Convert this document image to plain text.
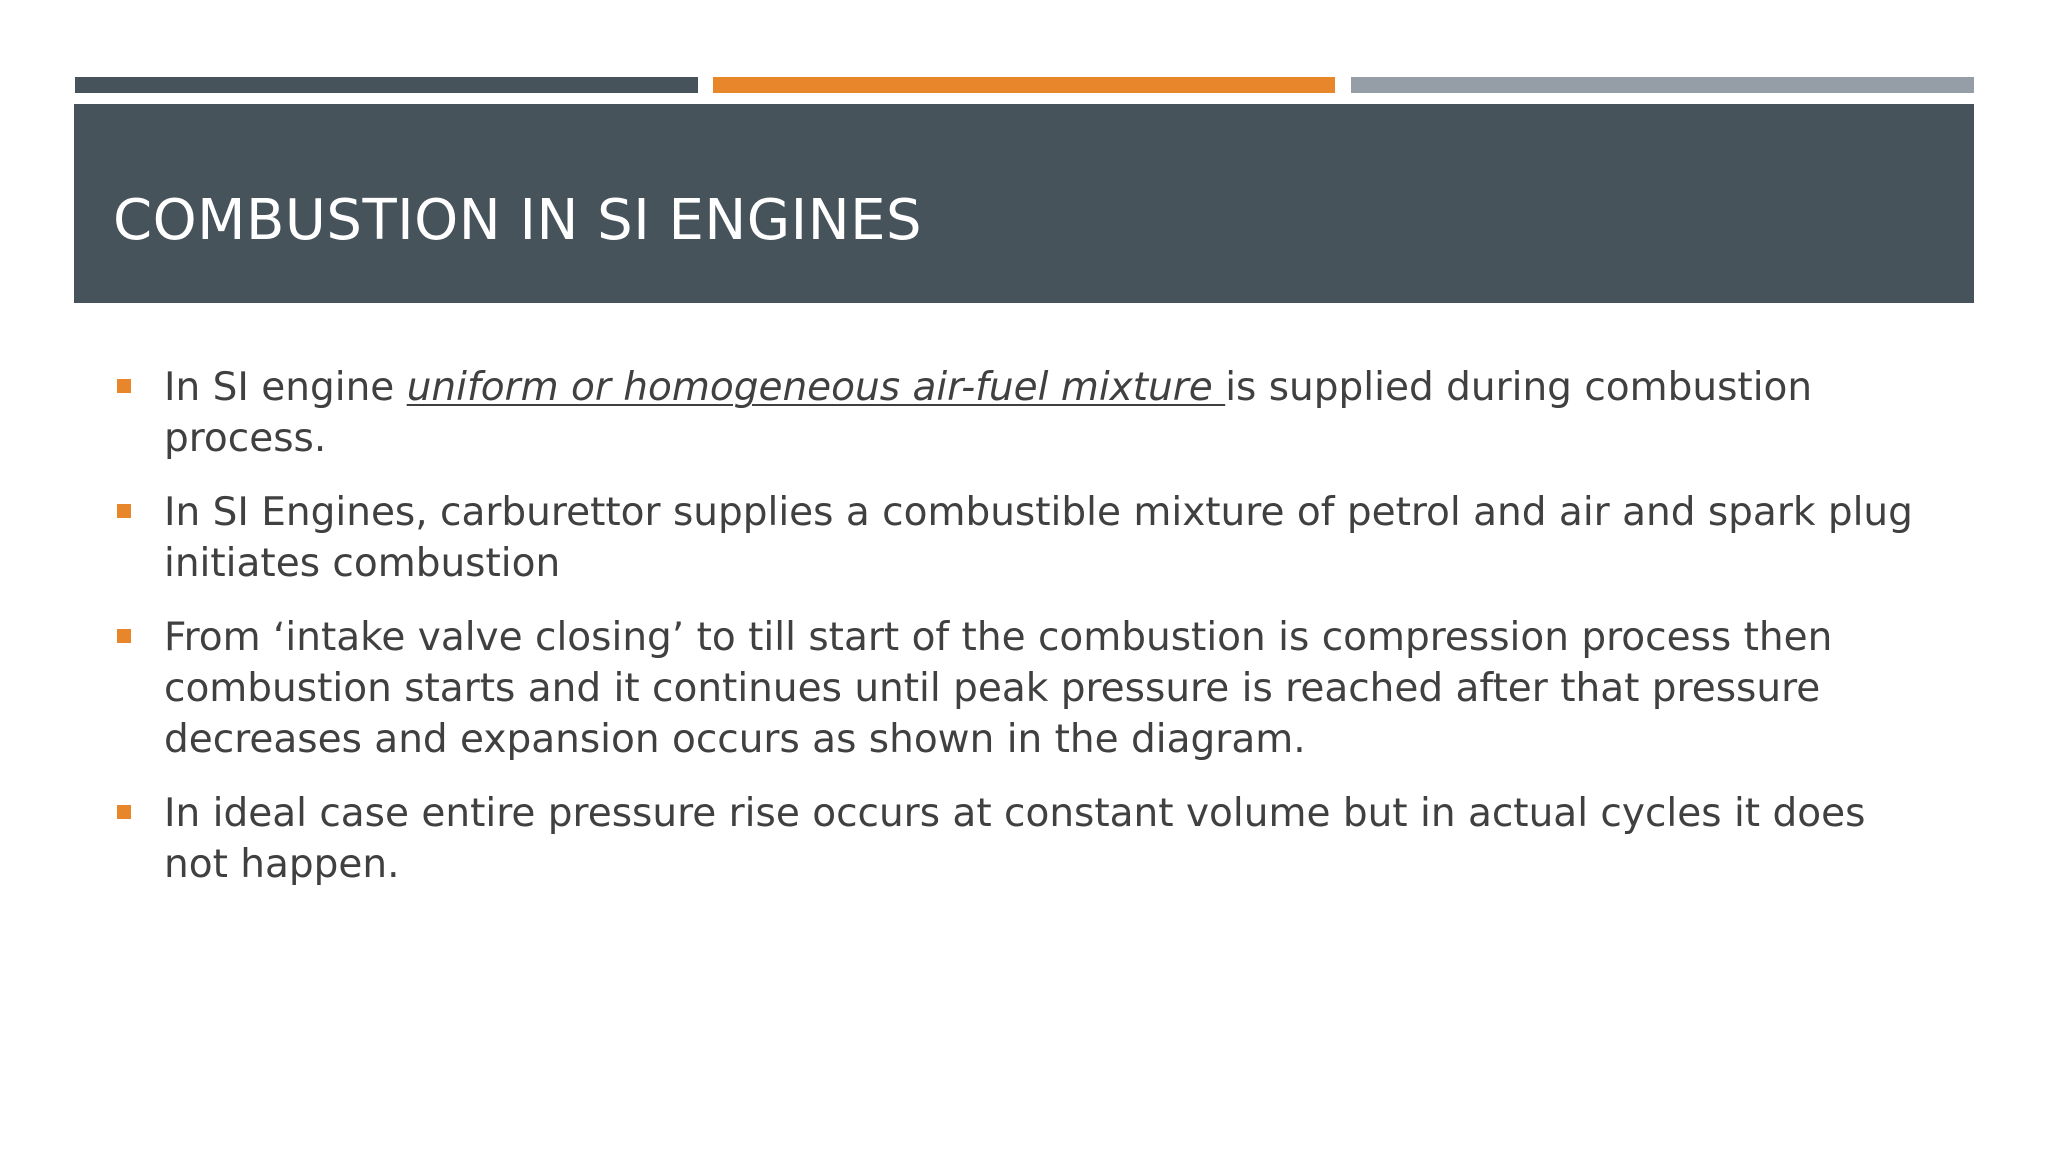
COMBUSTION IN SI ENGINES
In SI engine uniform or homogeneous air-fuel mixture is supplied during combustion process.
In SI Engines, carburettor supplies a combustible mixture of petrol and air and spark plug initiates combustion
From ‘intake valve closing’ to till start of the combustion is compression process then combustion starts and it continues until peak pressure is reached after that pressure decreases and expansion occurs as shown in the diagram.
In ideal case entire pressure rise occurs at constant volume but in actual cycles it does not happen.
